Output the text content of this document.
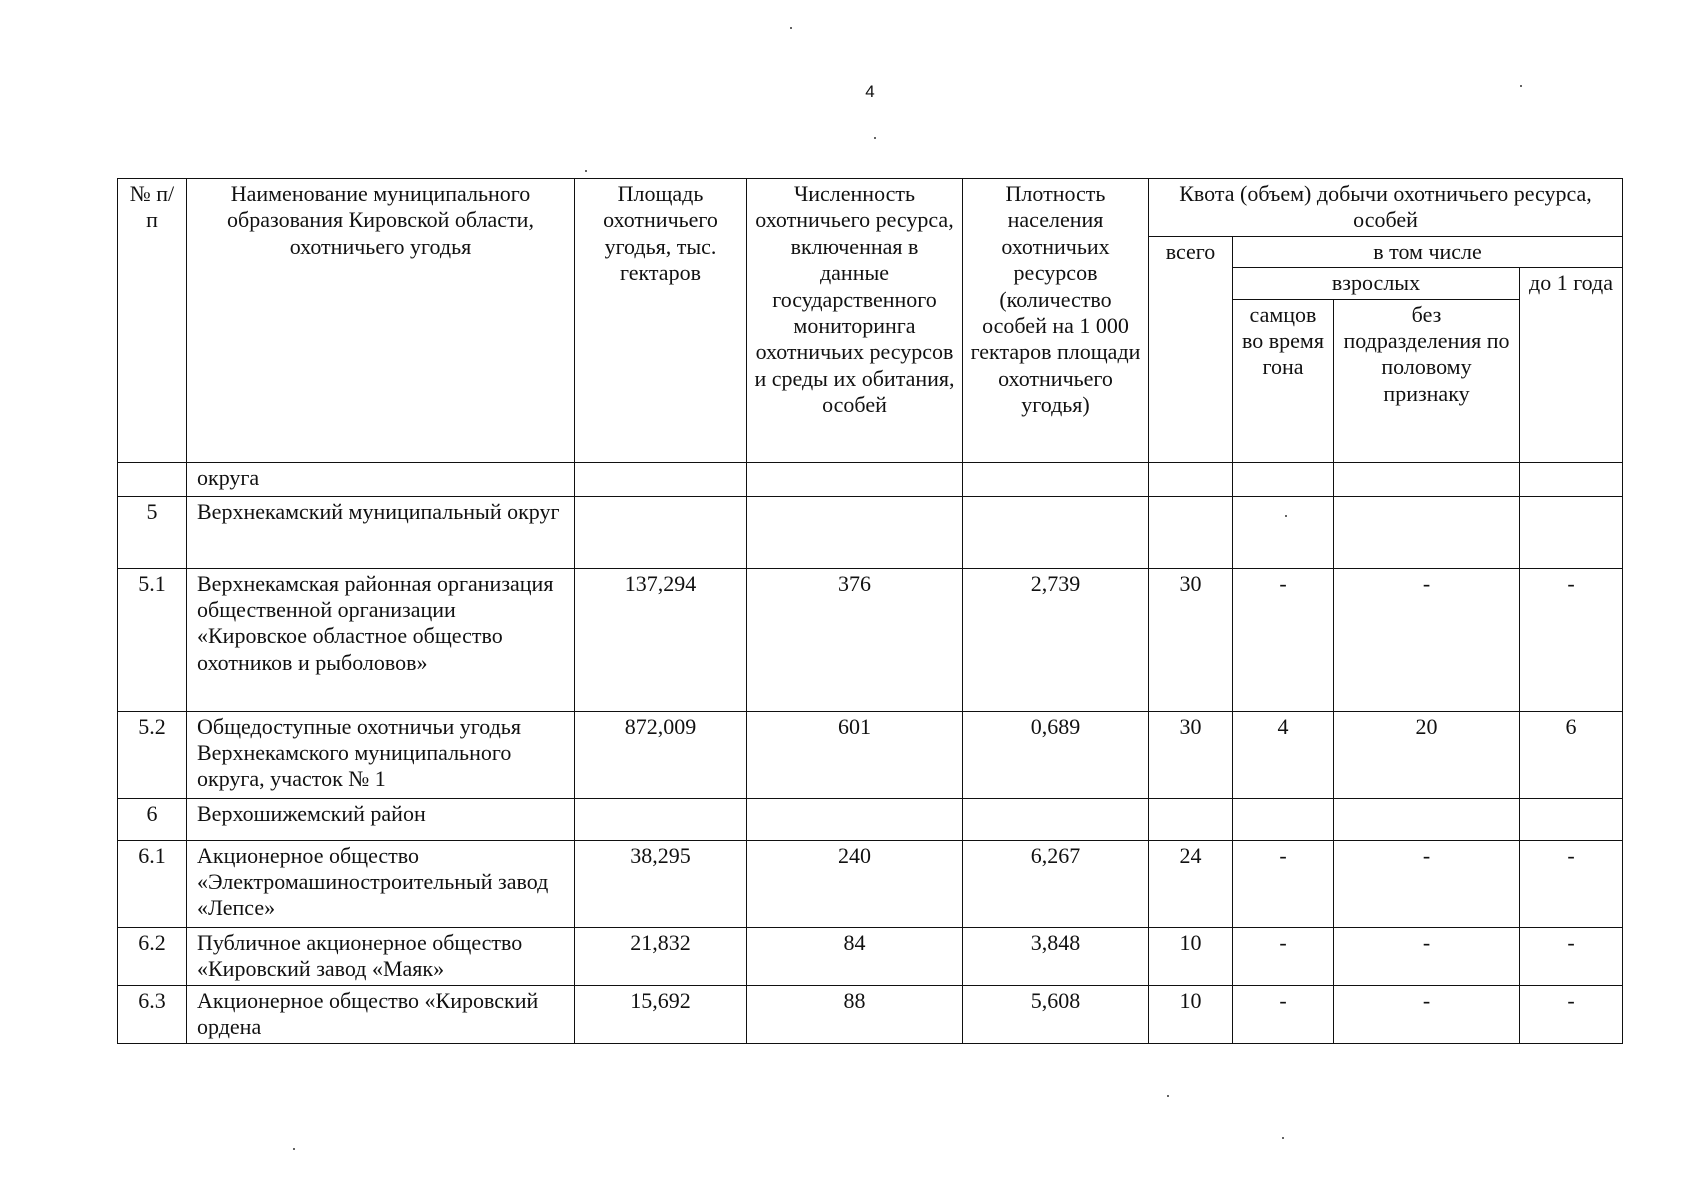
4
№ п/п	Наименование муниципального образования Кировской области, охотничьего угодья	Площадь охотничьего угодья, тыс. гектаров	Численность охотничьего ресурса, включенная в данные государственного мониторинга охотничьих ресурсов и среды их обитания, особей	Плотность населения охотничьих ресурсов (количество особей на 1 000 гектаров площади охотничьего угодья)	Квота (объем) добычи охотничьего ресурса, особей			
					всего	в том числе		
						взрослых		до 1 года
						самцов во время гона	без подразделения по половому признаку	
	округа							
5	Верхнекамский муниципальный округ							
5.1	Верхнекамская районная организация общественной организации «Кировское областное общество охотников и рыболовов»	137,294	376	2,739	30	-	-	-
5.2	Общедоступные охотничьи угодья Верхнекамского муниципального округа, участок № 1	872,009	601	0,689	30	4	20	6
6	Верхошижемский район							
6.1	Акционерное общество «Электромашиностроительный завод «Лепсе»	38,295	240	6,267	24	-	-	-
6.2	Публичное акционерное общество «Кировский завод «Маяк»	21,832	84	3,848	10	-	-	-
6.3	Акционерное общество «Кировский ордена	15,692	88	5,608	10	-	-	-
